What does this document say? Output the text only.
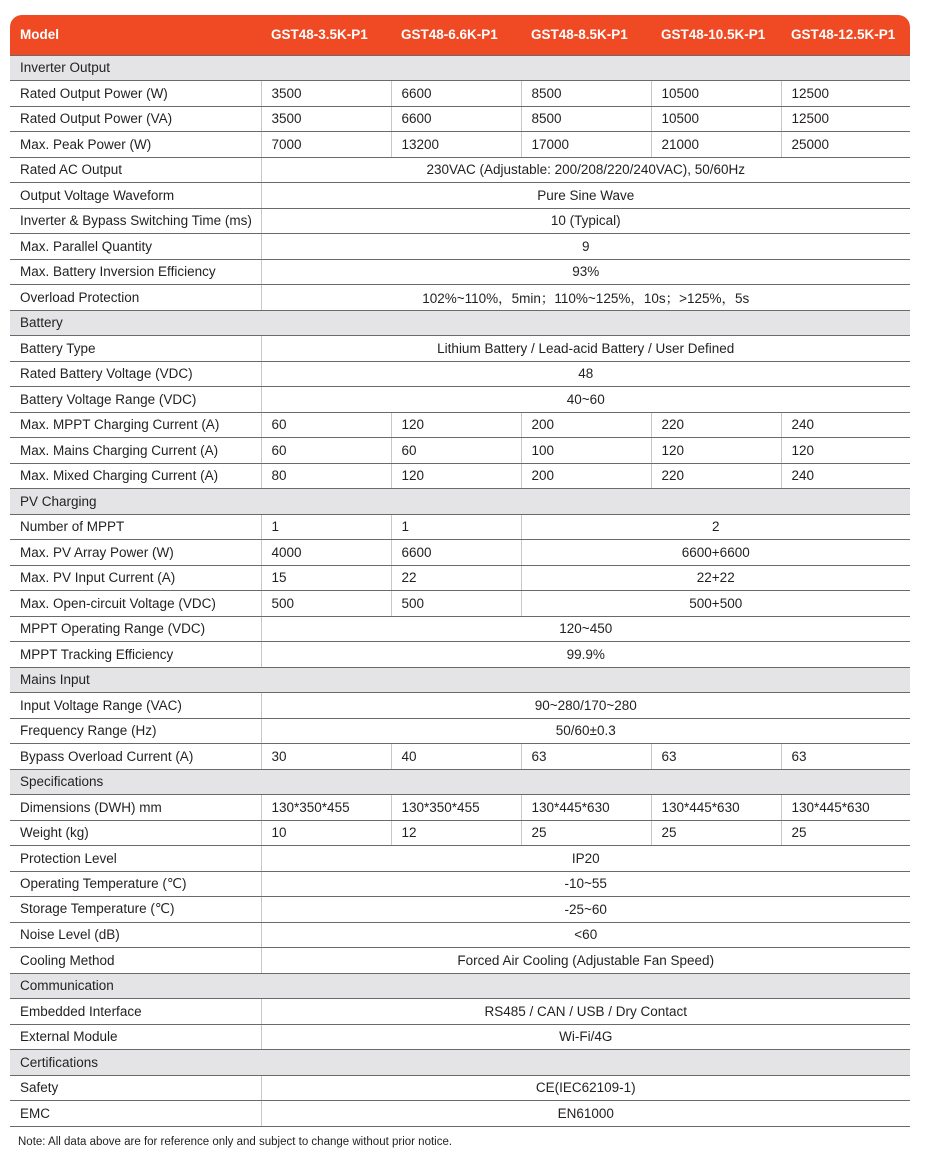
Model	GST48-3.5K-P1	GST48-6.6K-P1	GST48-8.5K-P1	GST48-10.5K-P1	GST48-12.5K-P1
Inverter Output					
Rated Output Power (W)	3500	6600	8500	10500	12500
Rated Output Power (VA)	3500	6600	8500	10500	12500
Max. Peak Power (W)	7000	13200	17000	21000	25000
Rated AC Output	230VAC (Adjustable: 200/208/220/240VAC), 50/60Hz				
Output Voltage Waveform	Pure Sine Wave				
Inverter & Bypass Switching Time (ms)	10 (Typical)				
Max. Parallel Quantity	9				
Max. Battery Inversion Efficiency	93%				
Overload Protection	102%~110%，5min；110%~125%，10s；>125%，5s				
Battery					
Battery Type	Lithium Battery / Lead-acid Battery / User Defined				
Rated Battery Voltage (VDC)	48				
Battery Voltage Range (VDC)	40~60				
Max. MPPT Charging Current (A)	60	120	200	220	240
Max. Mains Charging Current (A)	60	60	100	120	120
Max. Mixed Charging Current (A)	80	120	200	220	240
PV Charging					
Number of MPPT	1	1	2		
Max. PV Array Power (W)	4000	6600	6600+6600		
Max. PV Input Current (A)	15	22	22+22		
Max. Open-circuit Voltage (VDC)	500	500	500+500		
MPPT Operating Range (VDC)	120~450				
MPPT Tracking Efficiency	99.9%				
Mains Input					
Input Voltage Range (VAC)	90~280/170~280				
Frequency Range (Hz)	50/60±0.3				
Bypass Overload Current (A)	30	40	63	63	63
Specifications					
Dimensions (DWH) mm	130*350*455	130*350*455	130*445*630	130*445*630	130*445*630
Weight (kg)	10	12	25	25	25
Protection Level	IP20				
Operating Temperature (℃)	-10~55				
Storage Temperature (℃)	-25~60				
Noise Level (dB)	<60				
Cooling Method	Forced Air Cooling (Adjustable Fan Speed)				
Communication					
Embedded Interface	RS485 / CAN / USB / Dry Contact				
External Module	Wi-Fi/4G				
Certifications					
Safety	CE(IEC62109-1)				
EMC	EN61000				
Note: All data above are for reference only and subject to change without prior notice.
